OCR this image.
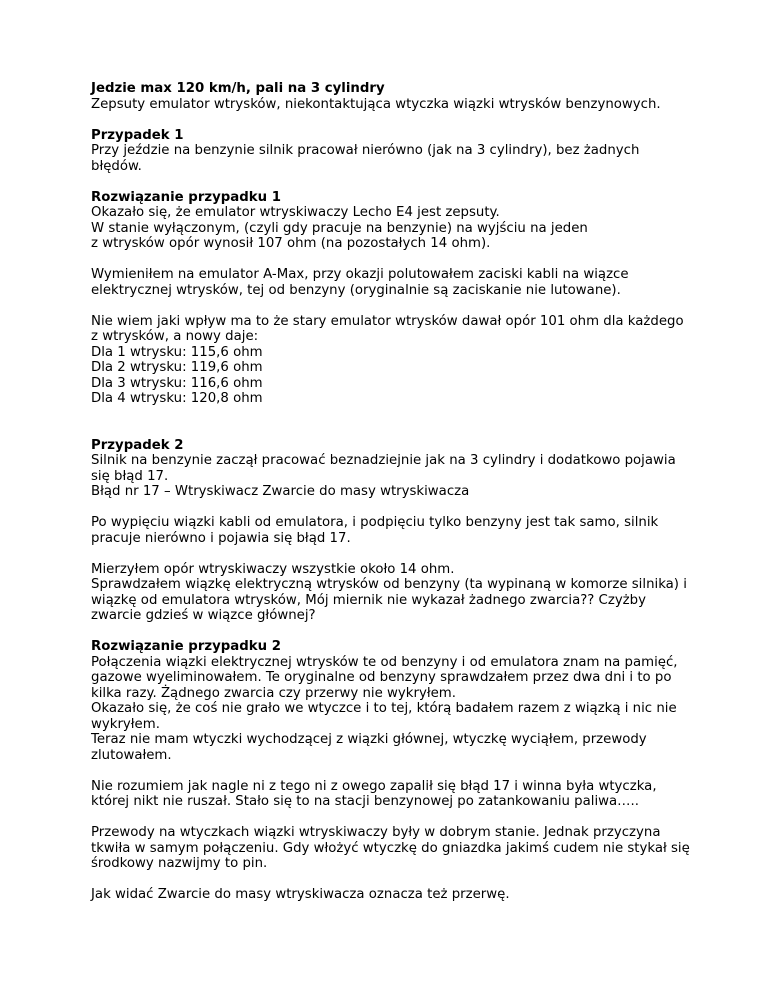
Jedzie max 120 km/h, pali na 3 cylindry
Zepsuty emulator wtrysków, niekontaktująca wtyczka wiązki wtrysków benzynowych.
Przypadek 1
Przy jeździe na benzynie silnik pracował nierówno (jak na 3 cylindry), bez żadnych
błędów.
Rozwiązanie przypadku 1
Okazało się, że emulator wtryskiwaczy Lecho E4 jest zepsuty.
W stanie wyłączonym, (czyli gdy pracuje na benzynie) na wyjściu na jeden
z wtrysków opór wynosił 107 ohm (na pozostałych 14 ohm).
Wymieniłem na emulator A-Max, przy okazji polutowałem zaciski kabli na wiązce
elektrycznej wtrysków, tej od benzyny (oryginalnie są zaciskanie nie lutowane).
Nie wiem jaki wpływ ma to że stary emulator wtrysków dawał opór 101 ohm dla każdego
z wtrysków, a nowy daje:
Dla 1 wtrysku: 115,6 ohm
Dla 2 wtrysku: 119,6 ohm
Dla 3 wtrysku: 116,6 ohm
Dla 4 wtrysku: 120,8 ohm
Przypadek 2
Silnik na benzynie zaczął pracować beznadziejnie jak na 3 cylindry i dodatkowo pojawia
się błąd 17.
Błąd nr 17 – Wtryskiwacz Zwarcie do masy wtryskiwacza
Po wypięciu wiązki kabli od emulatora, i podpięciu tylko benzyny jest tak samo, silnik
pracuje nierówno i pojawia się błąd 17.
Mierzyłem opór wtryskiwaczy wszystkie około 14 ohm.
Sprawdzałem wiązkę elektryczną wtrysków od benzyny (ta wypinaną w komorze silnika) i
wiązkę od emulatora wtrysków, Mój miernik nie wykazał żadnego zwarcia?? Czyżby
zwarcie gdzieś w wiązce głównej?
Rozwiązanie przypadku 2
Połączenia wiązki elektrycznej wtrysków te od benzyny i od emulatora znam na pamięć,
gazowe wyeliminowałem. Te oryginalne od benzyny sprawdzałem przez dwa dni i to po
kilka razy. Żądnego zwarcia czy przerwy nie wykryłem.
Okazało się, że coś nie grało we wtyczce i to tej, którą badałem razem z wiązką i nic nie
wykryłem.
Teraz nie mam wtyczki wychodzącej z wiązki głównej, wtyczkę wyciąłem, przewody
zlutowałem.
Nie rozumiem jak nagle ni z tego ni z owego zapalił się błąd 17 i winna była wtyczka,
której nikt nie ruszał. Stało się to na stacji benzynowej po zatankowaniu paliwa…..
Przewody na wtyczkach wiązki wtryskiwaczy były w dobrym stanie. Jednak przyczyna
tkwiła w samym połączeniu. Gdy włożyć wtyczkę do gniazdka jakimś cudem nie stykał się
środkowy nazwijmy to pin.
Jak widać Zwarcie do masy wtryskiwacza oznacza też przerwę.
